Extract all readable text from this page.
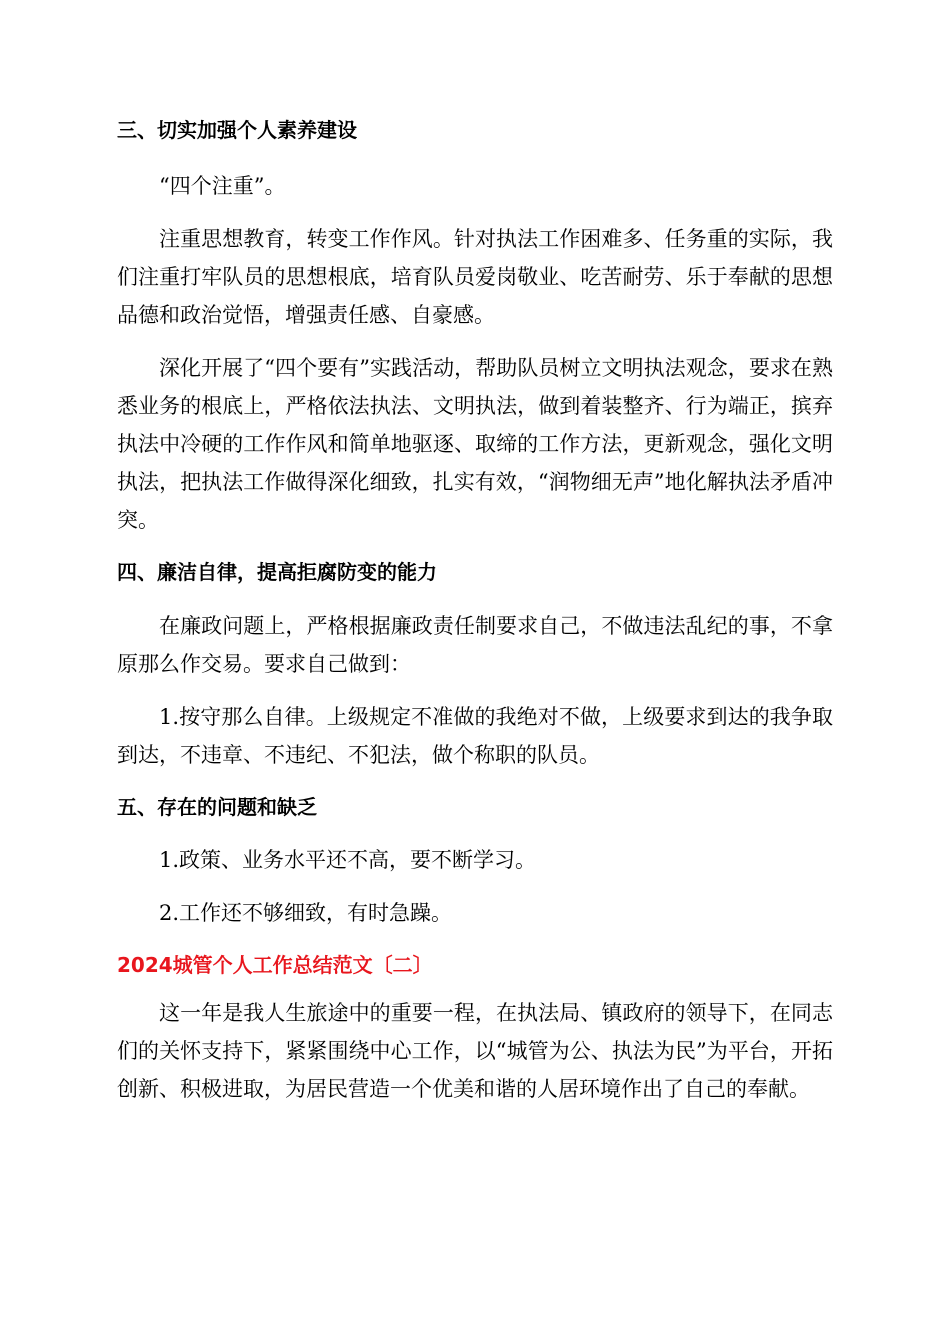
三、切实加强个人素养建设

“四个注重”。

注重思想教育，转变工作作风。针对执法工作困难多、任务重的实际，我们注重打牢队员的思想根底，培育队员爱岗敬业、吃苦耐劳、乐于奉献的思想品德和政治觉悟，增强责任感、自豪感。

深化开展了“四个要有”实践活动，帮助队员树立文明执法观念，要求在熟悉业务的根底上，严格依法执法、文明执法，做到着装整齐、行为端正，摈弃执法中冷硬的工作作风和简单地驱逐、取缔的工作方法，更新观念，强化文明执法，把执法工作做得深化细致，扎实有效，“润物细无声”地化解执法矛盾冲突。

四、廉洁自律，提高拒腐防变的能力

在廉政问题上，严格根据廉政责任制要求自己，不做违法乱纪的事，不拿原那么作交易。要求自己做到：

1.按守那么自律。上级规定不准做的我绝对不做，上级要求到达的我争取到达，不违章、不违纪、不犯法，做个称职的队员。

五、存在的问题和缺乏

1.政策、业务水平还不高，要不断学习。

2.工作还不够细致，有时急躁。

2024城管个人工作总结范文〔二〕

这一年是我人生旅途中的重要一程，在执法局、镇政府的领导下，在同志们的关怀支持下，紧紧围绕中心工作，以“城管为公、执法为民”为平台，开拓创新、积极进取，为居民营造一个优美和谐的人居环境作出了自己的奉献。
